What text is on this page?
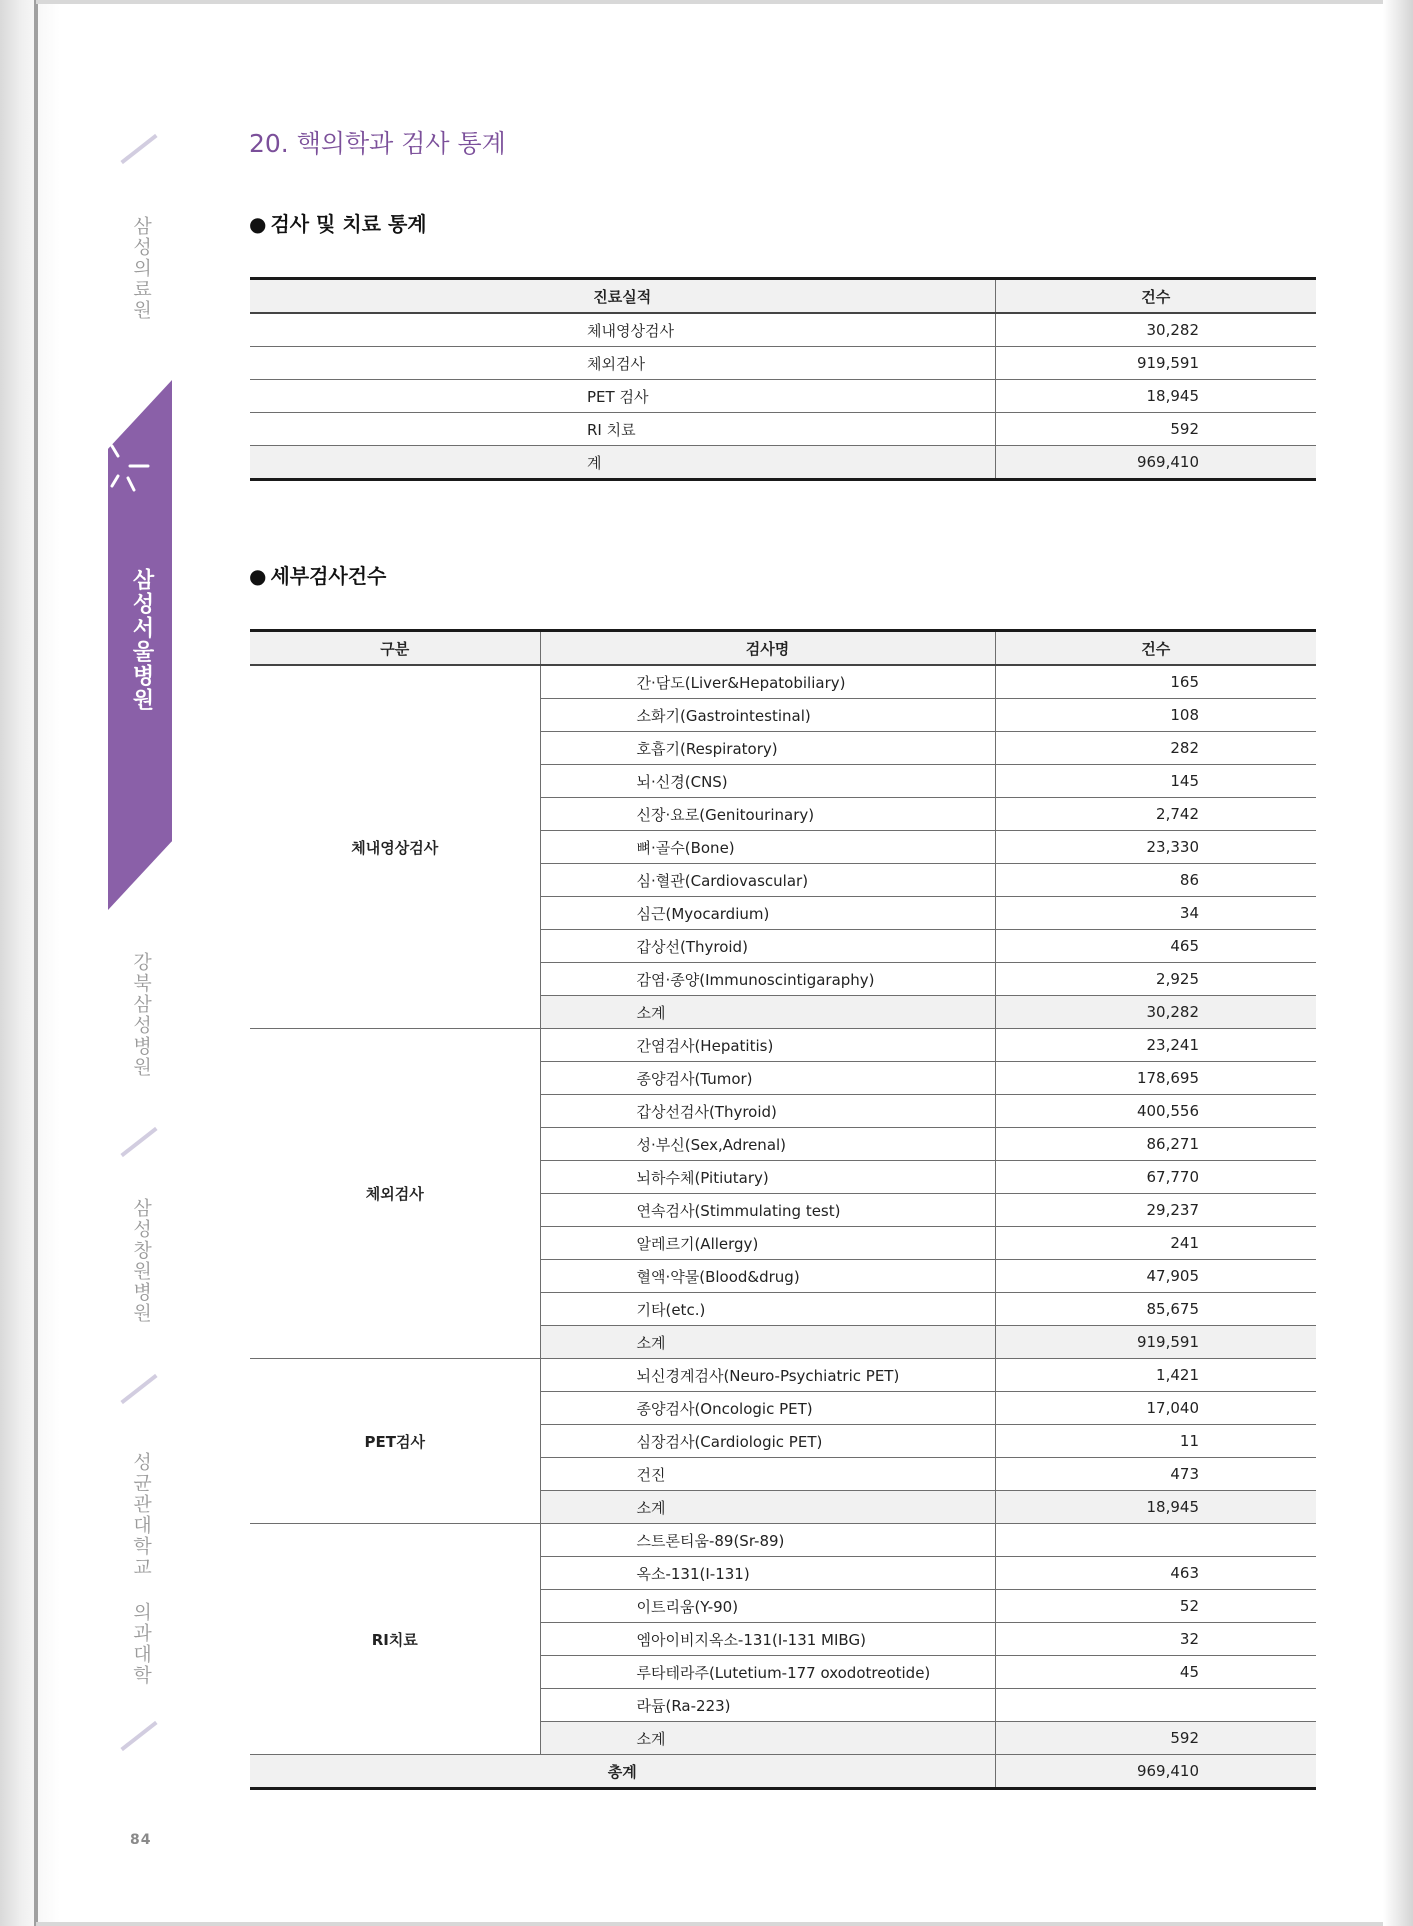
삼성의료원
삼성서울병원
강북삼성병원
삼성창원병원
성균관대학교 의과대학
84
20. 핵의학과 검사 통계
● 검사 및 치료 통계
진료실적	건수
체내영상검사	30,282
체외검사	919,591
PET 검사	18,945
RI 치료	592
계	969,410
● 세부검사건수
구분	검사명	건수
체내영상검사	간·담도(Liver&Hepatobiliary)	165
	소화기(Gastrointestinal)	108
	호흡기(Respiratory)	282
	뇌·신경(CNS)	145
	신장·요로(Genitourinary)	2,742
	뼈·골수(Bone)	23,330
	심·혈관(Cardiovascular)	86
	심근(Myocardium)	34
	갑상선(Thyroid)	465
	감염·종양(Immunoscintigaraphy)	2,925
	소계	30,282
체외검사	간염검사(Hepatitis)	23,241
	종양검사(Tumor)	178,695
	갑상선검사(Thyroid)	400,556
	성·부신(Sex,Adrenal)	86,271
	뇌하수체(Pitiutary)	67,770
	연속검사(Stimmulating test)	29,237
	알레르기(Allergy)	241
	혈액·약물(Blood&drug)	47,905
	기타(etc.)	85,675
	소계	919,591
PET검사	뇌신경계검사(Neuro-Psychiatric PET)	1,421
	종양검사(Oncologic PET)	17,040
	심장검사(Cardiologic PET)	11
	건진	473
	소계	18,945
RI치료	스트론티움-89(Sr-89)	
	옥소-131(I-131)	463
	이트리움(Y-90)	52
	엠아이비지옥소-131(I-131 MIBG)	32
	루타테라주(Lutetium-177 oxodotreotide)	45
	라듐(Ra-223)	
	소계	592
총계		969,410
